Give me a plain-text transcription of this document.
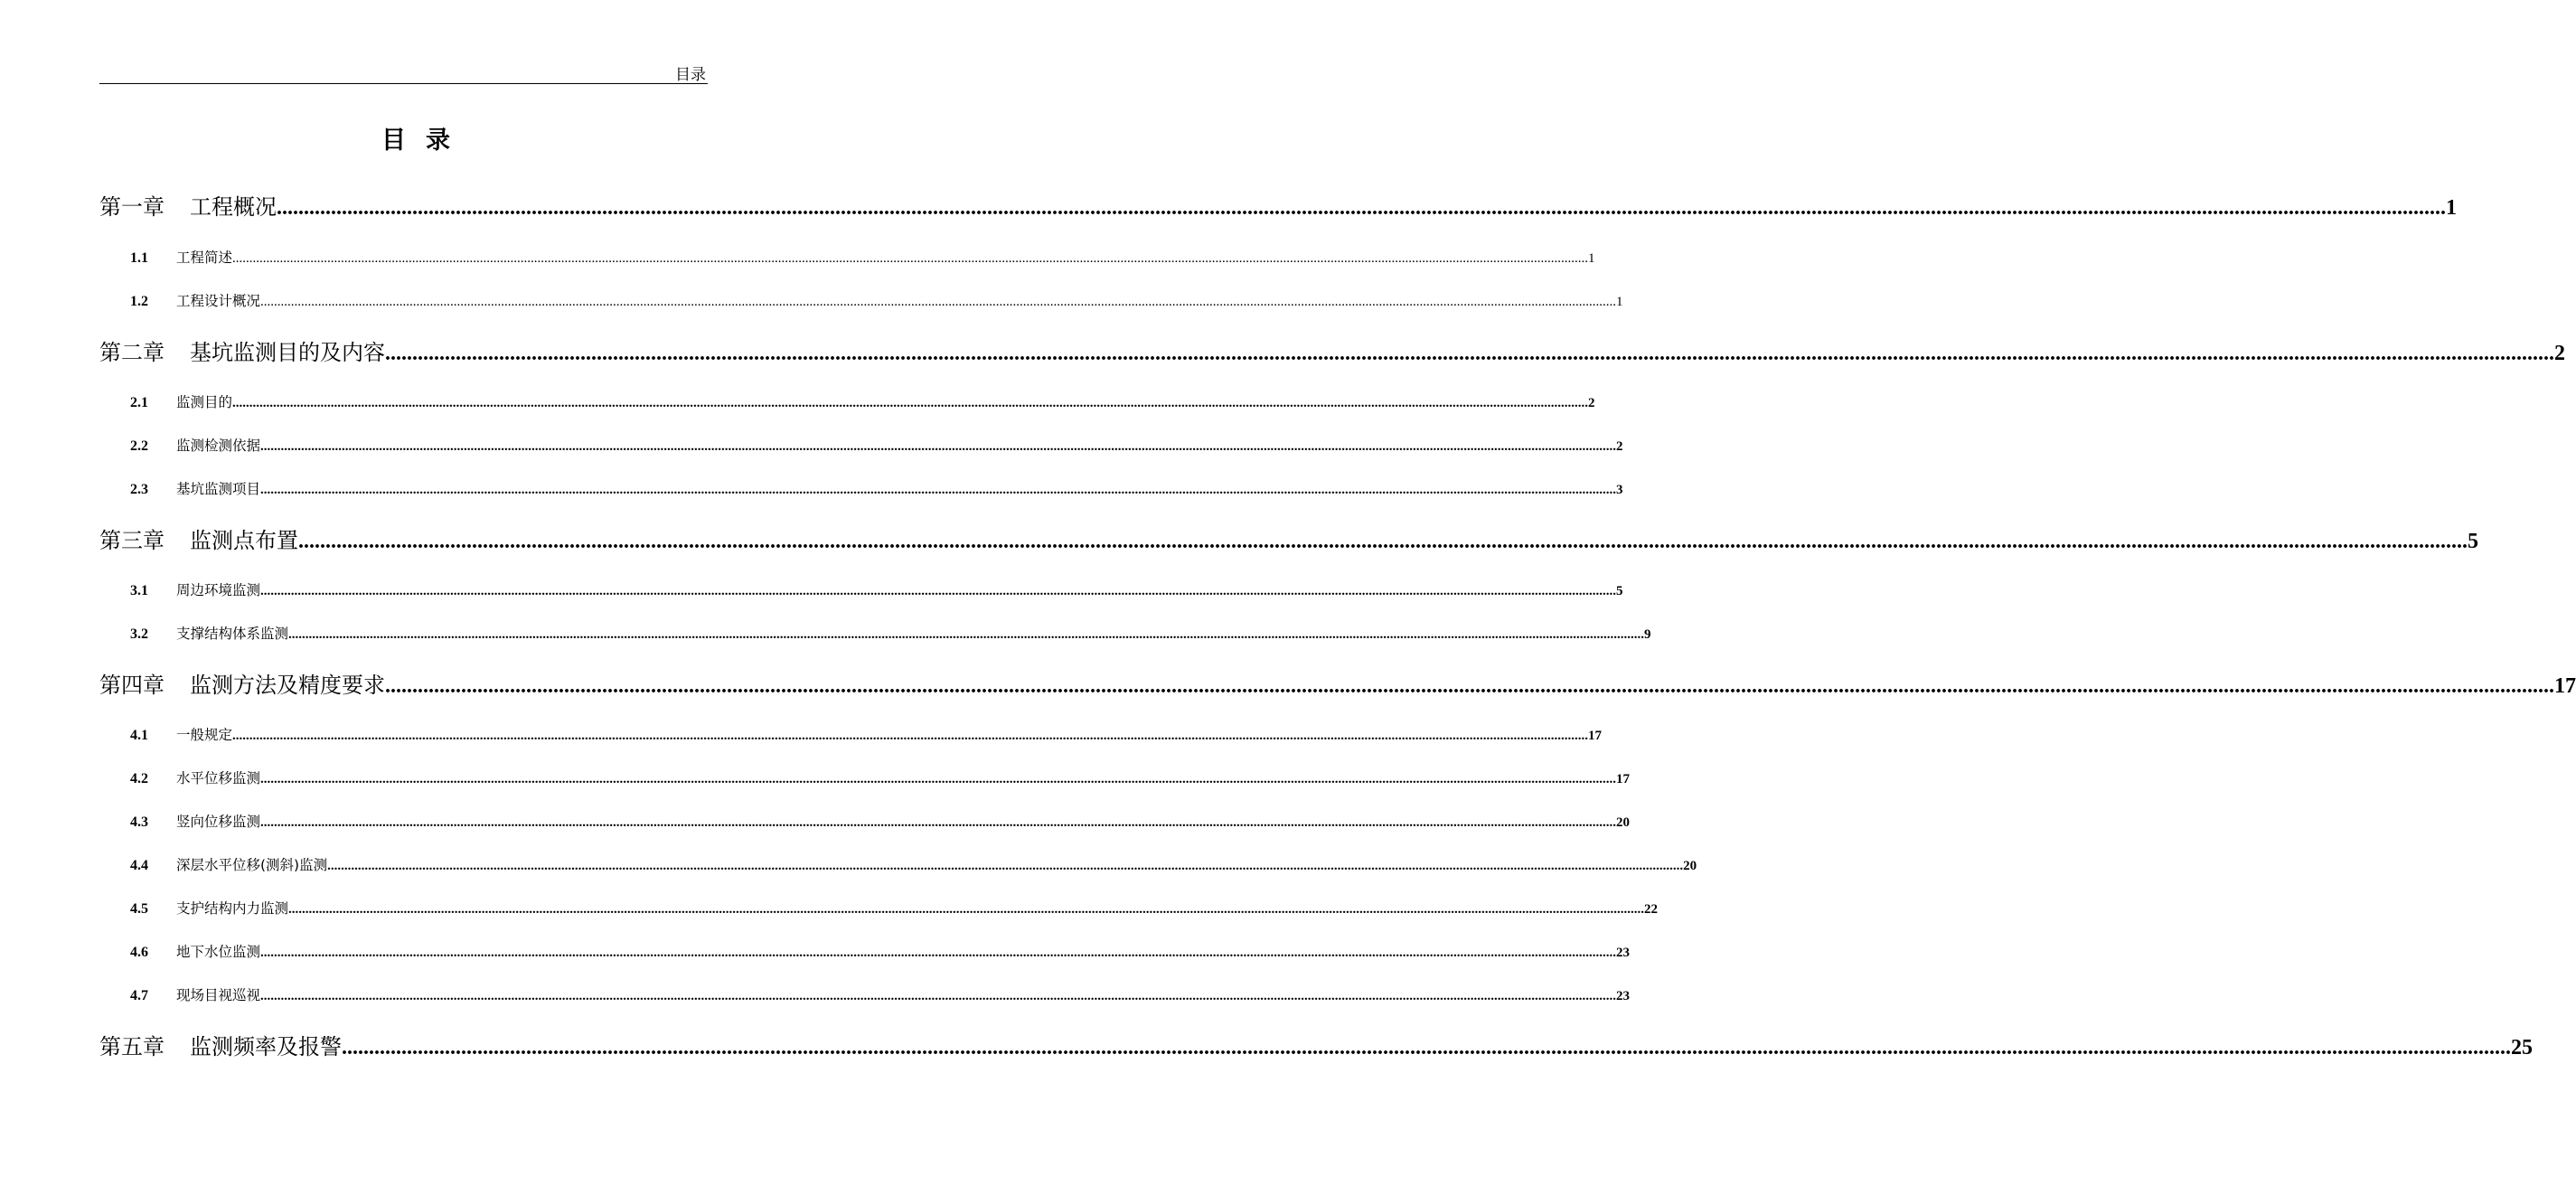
目录
目录
第一章 工程概况 ................................................................................................................................................................................................................................................................................................................................................................................................................ 1
1.1 工程简述 ................................................................................................................................................................................................................................................................................................................................................................................................................ 1
1.2 工程设计概况 ................................................................................................................................................................................................................................................................................................................................................................................................................ 1
第二章 基坑监测目的及内容 ................................................................................................................................................................................................................................................................................................................................................................................................................ 2
2.1 监测目的 ................................................................................................................................................................................................................................................................................................................................................................................................................ 2
2.2 监测检测依据 ................................................................................................................................................................................................................................................................................................................................................................................................................ 2
2.3 基坑监测项目 ................................................................................................................................................................................................................................................................................................................................................................................................................ 3
第三章 监测点布置 ................................................................................................................................................................................................................................................................................................................................................................................................................ 5
3.1 周边环境监测 ................................................................................................................................................................................................................................................................................................................................................................................................................ 5
3.2 支撑结构体系监测 ................................................................................................................................................................................................................................................................................................................................................................................................................ 9
第四章 监测方法及精度要求 ................................................................................................................................................................................................................................................................................................................................................................................................................ 17
4.1 一般规定 ................................................................................................................................................................................................................................................................................................................................................................................................................ 17
4.2 水平位移监测 ................................................................................................................................................................................................................................................................................................................................................................................................................ 17
4.3 竖向位移监测 ................................................................................................................................................................................................................................................................................................................................................................................................................ 20
4.4 深层水平位移(测斜)监测 ................................................................................................................................................................................................................................................................................................................................................................................................................ 20
4.5 支护结构内力监测 ................................................................................................................................................................................................................................................................................................................................................................................................................ 22
4.6 地下水位监测 ................................................................................................................................................................................................................................................................................................................................................................................................................ 23
4.7 现场目视巡视 ................................................................................................................................................................................................................................................................................................................................................................................................................ 23
第五章 监测频率及报警 ................................................................................................................................................................................................................................................................................................................................................................................................................ 25
